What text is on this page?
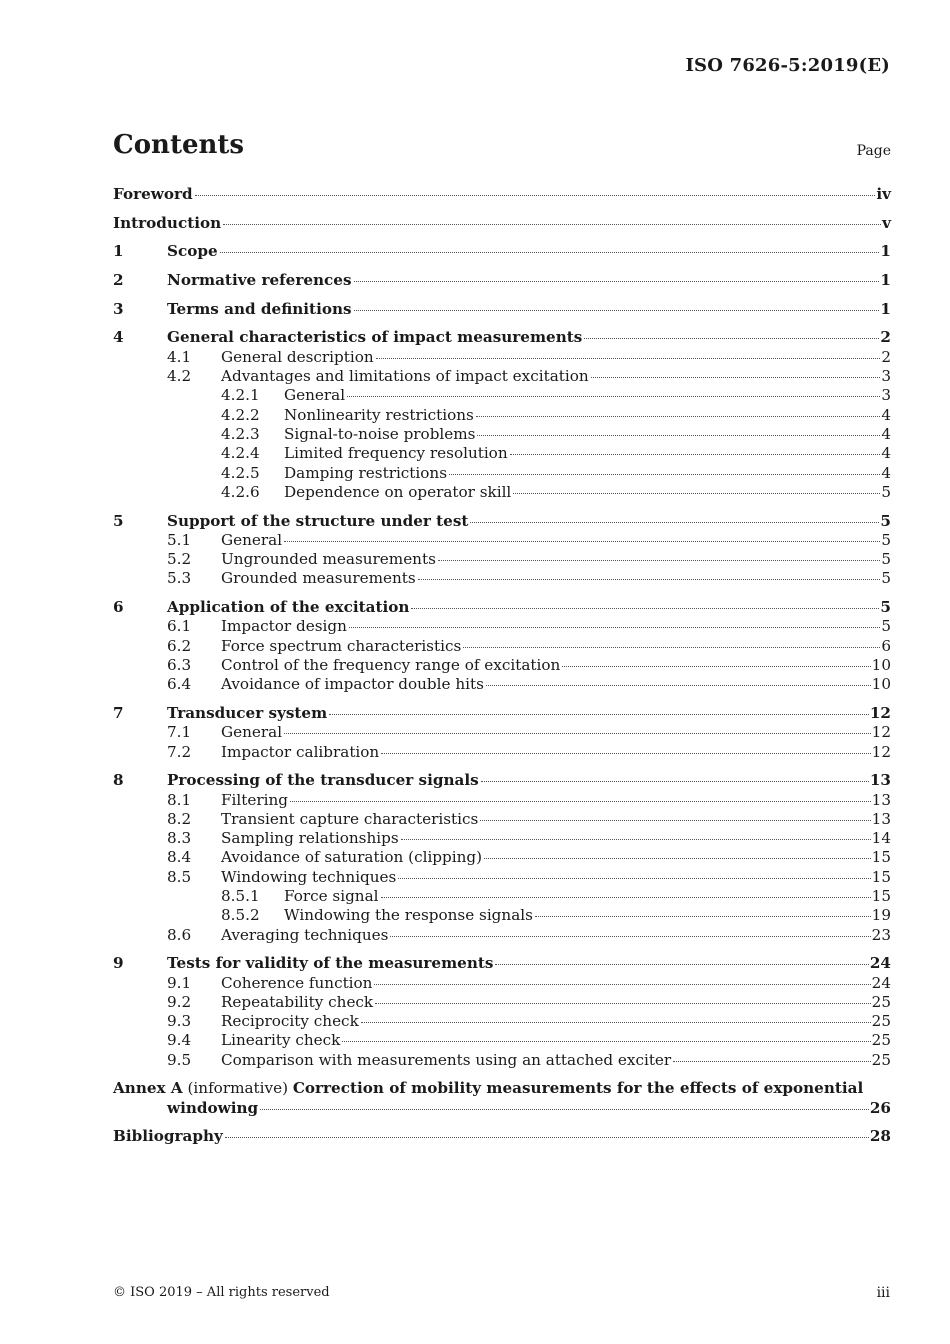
ISO 7626-5:2019(E)
Contents	Page
Foreword	iv
Introduction	v
1	Scope	1
2	Normative references	1
3	Terms and definitions	1
4	General characteristics of impact measurements	2
4.1	General description	2
4.2	Advantages and limitations of impact excitation	3
4.2.1	General	3
4.2.2	Nonlinearity restrictions	4
4.2.3	Signal-to-noise problems	4
4.2.4	Limited frequency resolution	4
4.2.5	Damping restrictions	4
4.2.6	Dependence on operator skill	5
5	Support of the structure under test	5
5.1	General	5
5.2	Ungrounded measurements	5
5.3	Grounded measurements	5
6	Application of the excitation	5
6.1	Impactor design	5
6.2	Force spectrum characteristics	6
6.3	Control of the frequency range of excitation	10
6.4	Avoidance of impactor double hits	10
7	Transducer system	12
7.1	General	12
7.2	Impactor calibration	12
8	Processing of the transducer signals	13
8.1	Filtering	13
8.2	Transient capture characteristics	13
8.3	Sampling relationships	14
8.4	Avoidance of saturation (clipping)	15
8.5	Windowing techniques	15
8.5.1	Force signal	15
8.5.2	Windowing the response signals	19
8.6	Averaging techniques	23
9	Tests for validity of the measurements	24
9.1	Coherence function	24
9.2	Repeatability check	25
9.3	Reciprocity check	25
9.4	Linearity check	25
9.5	Comparison with measurements using an attached exciter	25
Annex A (informative) Correction of mobility measurements for the effects of exponential
windowing	26
Bibliography	28
© ISO 2019 – All rights reserved	iii
